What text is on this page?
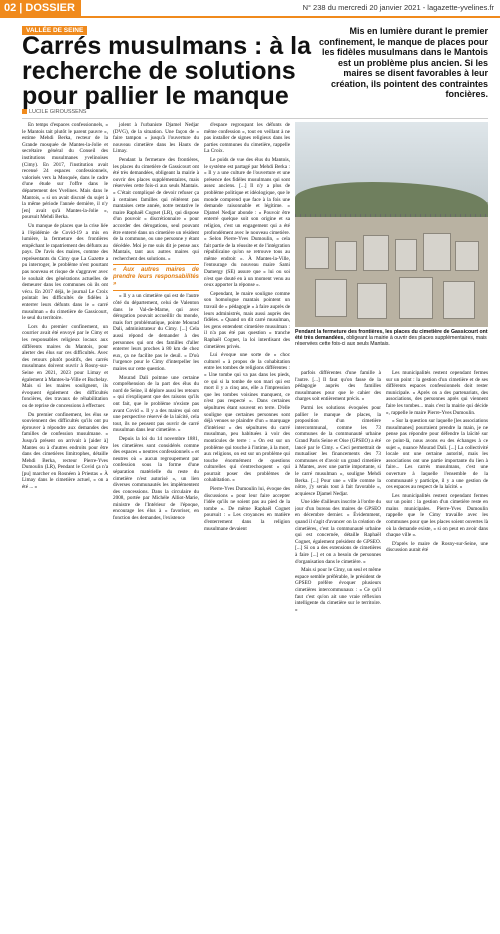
02 | DOSSIER	N° 238 du mercredi 20 janvier 2021 - lagazette-yvelines.fr
VALLÉE DE SEINE
Carrés musulmans : à la recherche de solutions pour pallier le manque

Mis en lumière durant le premier confinement, le manque de places pour les fidèles musulmans dans le Mantois est un problème plus ancien. Si les maires se disent favorables à leur création, ils pointent des contraintes foncières.

LUCILE GIROUSSENS

En temps d'espaces confessionnels, « le Mantois tait plutôt le parent pauvre », estime Mehdi Berka, recteur de la Grande mosquée de Mantes-la-Jolie et secrétaire général du Conseil des institutions musulmanes yvelinoises (Cimy). En 2017, l'institution avait recensé 24 espaces confessionnels, valorisés vers la Mosquée, dans le cadre d'une étude sur l'offre dans le département des Yvelines. Mais dans le Mantois, « si on avait discuté du sujet à la même période l'année dernière, il n'y [en] avait qu'à Mantes-la-Jolie », poursuit Mehdi Berka.

Un manque de places que la crise liée à l'épidémie de Covid-19 a mis en lumière, la fermeture des frontières empêchant le rapatriement des défunts au pays. De l'avis des maires, comme des représentants du Cimy que La Gazette a pu interroger, le problème n'est pourtant pas nouveau et risque de s'aggraver avec le souhait des générations actuelles de demeurer dans les communes où ils ont vécu. En 2017 déjà, le journal Le Croix pointait les difficultés de fidèles à enterrer leurs défunts dans le « carré musulman » du cimetière de Gassicourt, le seul du territoire.

Lors du premier confinement, un courrier avait été envoyé par le Cimy et les responsables religieux locaux aux différents maires du Mantois, pour alerter des élus sur ces difficultés. Avec des retours plutôt positifs, des carrés musulmans doivent ouvrir à Rosny-sur-Seine en 2021, 2023 pour Limay et également à Mantes-la-Ville et Buchelay. Mais si les maires soulignent, ils évoquent également des difficultés foncières, des travaux de réhabilitation ou de reprise de concessions à effectuer.

Du premier confinement, les élus se souviennent des difficultés qu'ils ont pu éprouver à répondre aux demandes des familles de confession musulmane. « Jusqu'à présent on arrivait à [aider à] Mantes ou à d'autres endroits pour être dans des cimetières limitrophes, détaille Mehdi Berka, recteur Pierre-Yves Dumoulin (LR), Pendant le Covid ça n'a [pu] marcher en Rosnéen à Priestas » À Limay dans le cimetière actuel, « on a été ... »

jolent à l'urbaniste Djamel Nedjar (DVG), de la situation. Une façon de « faire tampon » jusqu'à l'ouverture du nouveau cimetière dans les Hauts de Limay.

Pendant la fermeture des frontières, les places du cimetière de Gassicourt ont été très demandées, obligeant la mairie à ouvrir des places supplémentaires, mais réservées cette fois-ci aux seuls Mantais. « C'était compliqué de devoir refuser ça à certaines familles qui réitèrent pas mantaises cette année, notre tentative le maire Raphaël Cognet (LR), qui dispose d'un pouvoir « discrétionnaire » pour accorder des dérogations, seul pouvant être enterré dans un cimetière un résident de la commune, ou une personne y étant décédée. Moi je me suis dit je pense aux Mantais, tant aux autres maires qui recherchent des solutions. »

« Aux autres maires de prendre leurs responsabilités »

« Il y a un cimetière qui est de l'autre côté du département, celui de Valenton dans le Val-de-Marne, qui avec dérogation pouvait accueillir du monde, mais fort problématique, pointe Mourad Dali, administrateur du Cimy. [...] Cela aussi répond de demander à des personnes qui ont des familles d'aller enterrer leurs proches à 80 km de chez eux, ça ne facilite pas le deuil. » D'où l'urgence pour le Cimy d'interpeller les maires sur cette question.

Mourad Dali poitnne une certaine compréhension de la part des élus du nord de Seine, il déplore aussi les retours « qui n'expliquent que des raisons qu'ils ont fait, que le problème n'existe pas avant Covid ». Il y a des maires qui ont une perspective réservé de la laïcité, cela tout, ils ne pensent pas ouvrir de carré musulman dans leur cimetière. »

Depuis la loi du 14 novembre 1881, les cimetières sont considérés comme des espaces « neutres confessionnels » et neutres où « aucun regroupement par confession sous la forme d'une séparation matérielle du reste du cimetière n'est autorisé », un lien diverses communautés les implémentent des concessions. Dans la circulaire du 2008, portée par Michèle Alliot-Marie, ministre de l'Intérieur de l'époque, encourage les élus à « favoriser, en fonction des demandes, l'existence

d'espace regroupant les défunts de même confession », tout en veillant à ne pas installer de signes religieux dans les parties communes du cimetière, rappelle La Croix.

Le poids de vue des élus du Mantois, le système est partagé par Mehdi Berka : « Il y a une culture de l'ouverture et une présence des fidèles musulmans qui sont assez anciens. [...] Il n'y a plus de problème politique et idéologique, que le monde comprend que face à la fois une demande raisonnable et légitime. » Djamel Nedjar abonde : « Pouvoir être enterré quelque soit son origine et sa religion, c'est un engagement qui a été profondément avec le nouveau cimetière. » Selon Pierre-Yves Dumoulin, « cela fait partie de la réussite et de l'intégration républicaine qu'on se retrouve tous au même endroit ». À Mantes-la-Ville, l'entourage du nouveau maire Sami Damergy (SE) assure que « lui ou soi n'est que douté en à un moment venu au ceux apporter la réponse ».

Cependant, le maire souligne comme son homologue mantais pointent un travail de « pédagogie » à faire auprès de leurs administrés, mais aussi auprès des fidèles. « Quand on dit carré musulman, les gens entendent cimetière musulman : il n'a pas été pas question » tranche Raphaël Cognet, la loi interdisant des cimetières privés.

Lui évoque une sorte de « choc culturel » à propos de la cohabitation entre les tombes de religions différentes : « Une tombe qui va pas dans les pieds, ce qui si la tombe de son mari qui est mort il y a cinq ans, elle a l'impression que les tombes voisines manquent, ce n'est pas respecté ». Dans certaines sépultures étant souvent en terre. D'elle souligne que certaines personnes sont déjà venues se plaindre d'un « marquage d'intérieur » des sépultures du carré musulman, peu habituées à voir des monticules de terre : « On est sur un problème qui touche à l'intime, à la mort, aux religions, on est sur un problème qui touche énormément de questions culturelles qui s'entrechoquent » qui pourrait poser des problèmes de cohabitation. »

Pierre-Yves Dumoulin lui, évoque des discussions « pour leur faire accepter l'idée qu'ils ne soient pas au pied de la tombe ». De même Raphaël Cognet poursuit : « Les croyances en matière d'enterrement dans la religion musulmane devaient

Pendant la fermeture des frontières, les places du cimetière de Gassicourt ont été très demandées, obligeant la mairie à ouvrir des places supplémentaires, mais réservées cette fois-ci aux seuls Mantais.

parfois différentes d'une famille à l'autre. [...] Il faut qu'on fasse de la pédagogie auprès des familles musulmanes pour que le cahier des charges soit entièrement précis. »

Parmi les solutions évoquées pour pallier le manque de places, la proposition d'un cimetière intercommunal, comme les 73 communes de la communauté urbaine Grand Paris Seine et Oise (GPSEO) a été lancé par le Cimy. « Ceci permettrait de mutualiser les financements des 73 communes et d'avoir un grand cimetière à Mantes, avec une partie importante, si le carré musulman », souligne Mehdi Berka. [...] Pour une « ville comme la nôtre, j'y serais tout à fait favorable », acquiesce Djamel Nedjar.

Une idée d'ailleurs inscrite à l'ordre du jour d'un bureau des maires de GPSEO en décembre dernier. « Évidemment, quand il s'agit d'avancer on la création de cimetières, c'est la communauté urbaine qui est concernée, détaille Raphaël Cognet, également président de GPSEO. [...] Si on a des extensions de cimetières à faire [...] et on a besoin de personnes d'organisation dans le cimetière. »

Mais si pour le Cimy, un seul et même espace semble préférable, le président de GPSEO préfère évoquer plusieurs cimetières intercommunaux : « Ce qu'il faut c'est qu'on ait une vraie réflexion intelligente du cimetière sur le territoire. »

Les municipalités restent cependant fermes sur un point : la gestion d'un cimetière et de ses différents espaces confessionnels doit rester municipale. « Après on a des partenariats, des associations, des personnes après qui viennent faire les tombes... mais c'est la mairie qui décide », rappelle le maire Pierre-Yves Dumoulin.

« Sur la question sur laquelle [les associations musulmanes] pourraient prendre la main, je ne pense pas répondre pour défendre la laïcité sur ce point-là, nous avons eu des échanges à ce sujet », nuance Mourad Dali. [...] La collectivité locale ont une certaine autorité, mais les associations ont une partie importante du lien à faire... Les carrés musulmans, c'est une ouverture à laquelle l'ensemble de la communauté y participe, il y a une gestion de ces espaces au respect de la laïcité. »

Les municipalités restent cependant fermes sur un point : la gestion d'un cimetière reste en mains municipales. Pierre-Yves Dumoulin rappelle que le Cimy travaille avec les communes pour que les places soient ouvertes là où la demande existe, « si on peut en avoir dans chaque ville ».

D'après le maire de Rosny-sur-Seine, une discussion aurait été
